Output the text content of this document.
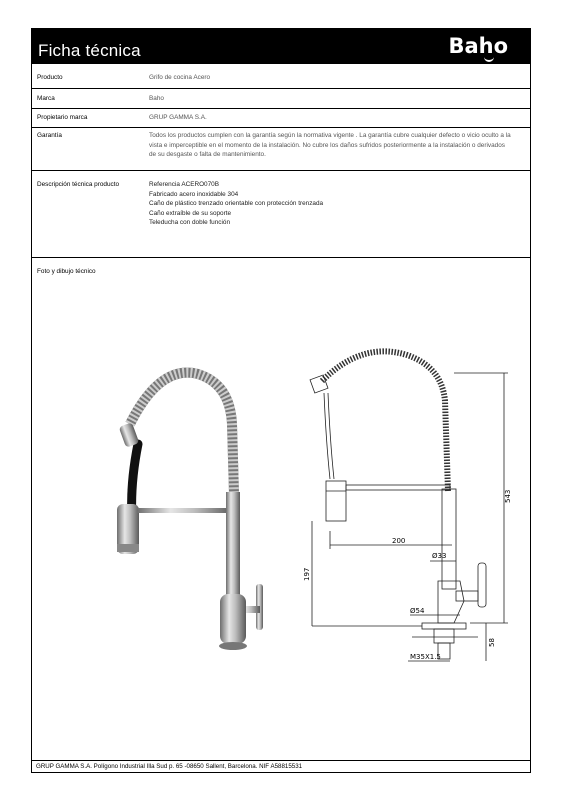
Ficha técnica	Baho
Producto	Grifo de cocina Acero
Marca	Baho
Propietario marca	GRUP GAMMA S.A.
Garantía	Todos los productos cumplen con la garantía según la normativa vigente . La garantía cubre cualquier defecto o vicio oculto a la
vista e imperceptible en el momento de la instalación. No cubre los daños sufridos posteriormente a la instalación o derivados
de su desgaste o falta de mantenimiento.
Descripción técnica producto	Referencia ACERO070B
Fabricado acero inoxidable 304
Caño de plástico trenzado orientable con protección trenzada
Caño extraíble de su soporte
Teleducha con doble función
Foto y dibujo técnico
543
200
Ø33
197
Ø54
58
M35X1.5
GRUP GAMMA S.A. Polígono Industrial Illa Sud p. 65 -08650 Sallent, Barcelona. NIF A58815531
